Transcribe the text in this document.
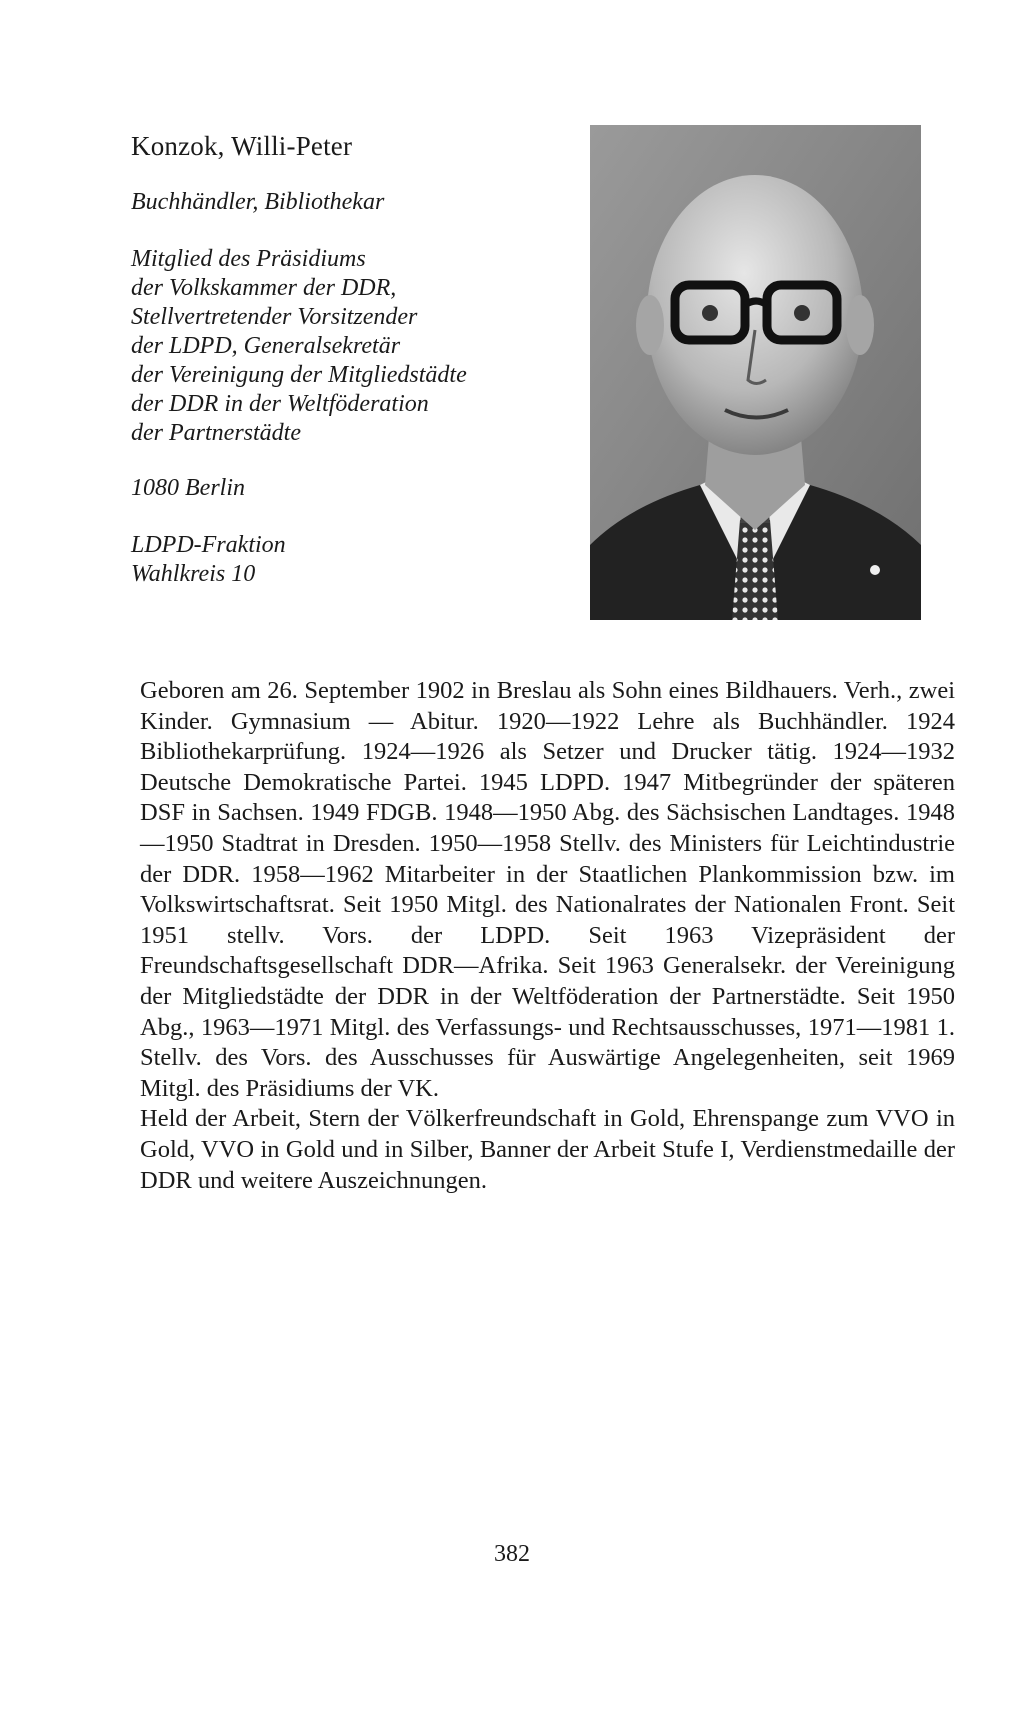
Konzok, Willi-Peter
Buchhändler, Bibliothekar
Mitglied des Präsidiums
der Volkskammer der DDR,
Stellvertretender Vorsitzender
der LDPD, Generalsekretär
der Vereinigung der Mitgliedstädte
der DDR in der Weltföderation
der Partnerstädte
1080 Berlin
LDPD-Fraktion
Wahlkreis 10

Geboren am 26. September 1902 in Breslau als Sohn eines Bildhauers. Verh., zwei Kinder. Gymnasium — Abitur. 1920—1922 Lehre als Buchhändler. 1924 Bibliothekarprüfung. 1924—1926 als Setzer und Drucker tätig. 1924—1932 Deutsche Demokratische Partei. 1945 LDPD. 1947 Mitbegründer der späteren DSF in Sachsen. 1949 FDGB. 1948—1950 Abg. des Sächsischen Landtages. 1948—1950 Stadtrat in Dresden. 1950—1958 Stellv. des Ministers für Leichtindustrie der DDR. 1958—1962 Mitarbeiter in der Staatlichen Plankommission bzw. im Volkswirtschaftsrat. Seit 1950 Mitgl. des Nationalrates der Nationalen Front. Seit 1951 stellv. Vors. der LDPD. Seit 1963 Vizepräsident der Freundschaftsgesellschaft DDR—Afrika. Seit 1963 Generalsekr. der Vereinigung der Mitgliedstädte der DDR in der Weltföderation der Partnerstädte. Seit 1950 Abg., 1963—1971 Mitgl. des Verfassungs- und Rechtsausschusses, 1971—1981 1. Stellv. des Vors. des Ausschusses für Auswärtige Angelegenheiten, seit 1969 Mitgl. des Präsidiums der VK.

Held der Arbeit, Stern der Völkerfreundschaft in Gold, Ehrenspange zum VVO in Gold, VVO in Gold und in Silber, Banner der Arbeit Stufe I, Verdienstmedaille der DDR und weitere Auszeichnungen.

382
